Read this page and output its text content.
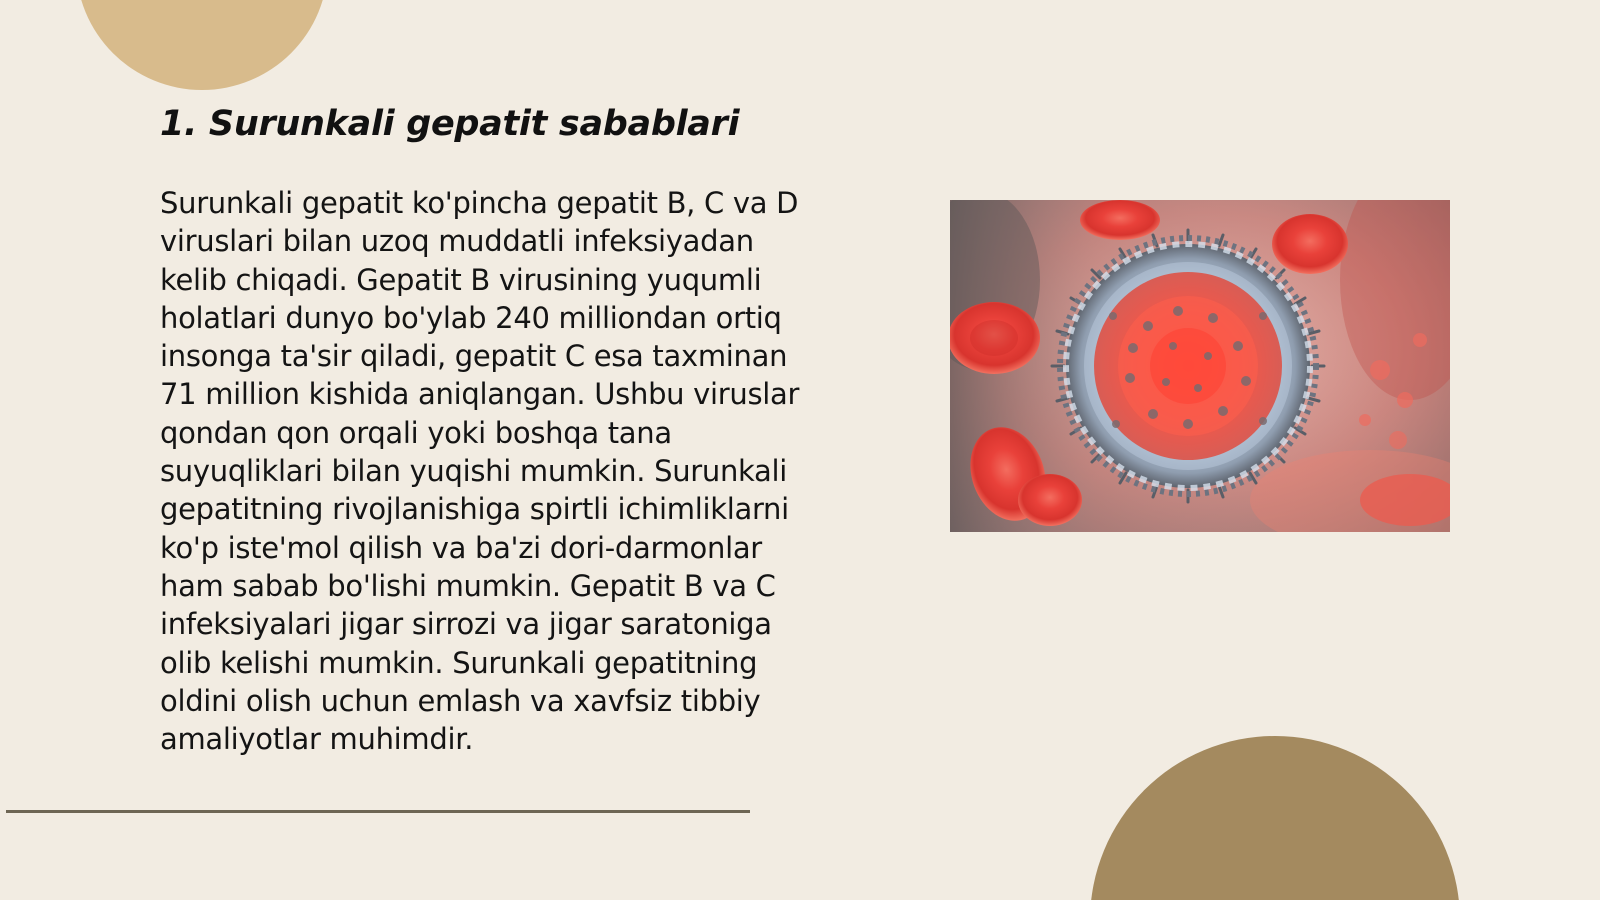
1. Surunkali gepatit sabablari
Surunkali gepatit ko'pincha gepatit B, C va D
viruslari bilan uzoq muddatli infeksiyadan
kelib chiqadi. Gepatit B virusining yuqumli
holatlari dunyo bo'ylab 240 milliondan ortiq
insonga ta'sir qiladi, gepatit C esa taxminan
71 million kishida aniqlangan. Ushbu viruslar
qondan qon orqali yoki boshqa tana
suyuqliklari bilan yuqishi mumkin. Surunkali
gepatitning rivojlanishiga spirtli ichimliklarni
ko'p iste'mol qilish va ba'zi dori-darmonlar
ham sabab bo'lishi mumkin. Gepatit B va C
infeksiyalari jigar sirrozi va jigar saratoniga
olib kelishi mumkin. Surunkali gepatitning
oldini olish uchun emlash va xavfsiz tibbiy
amaliyotlar muhimdir.
